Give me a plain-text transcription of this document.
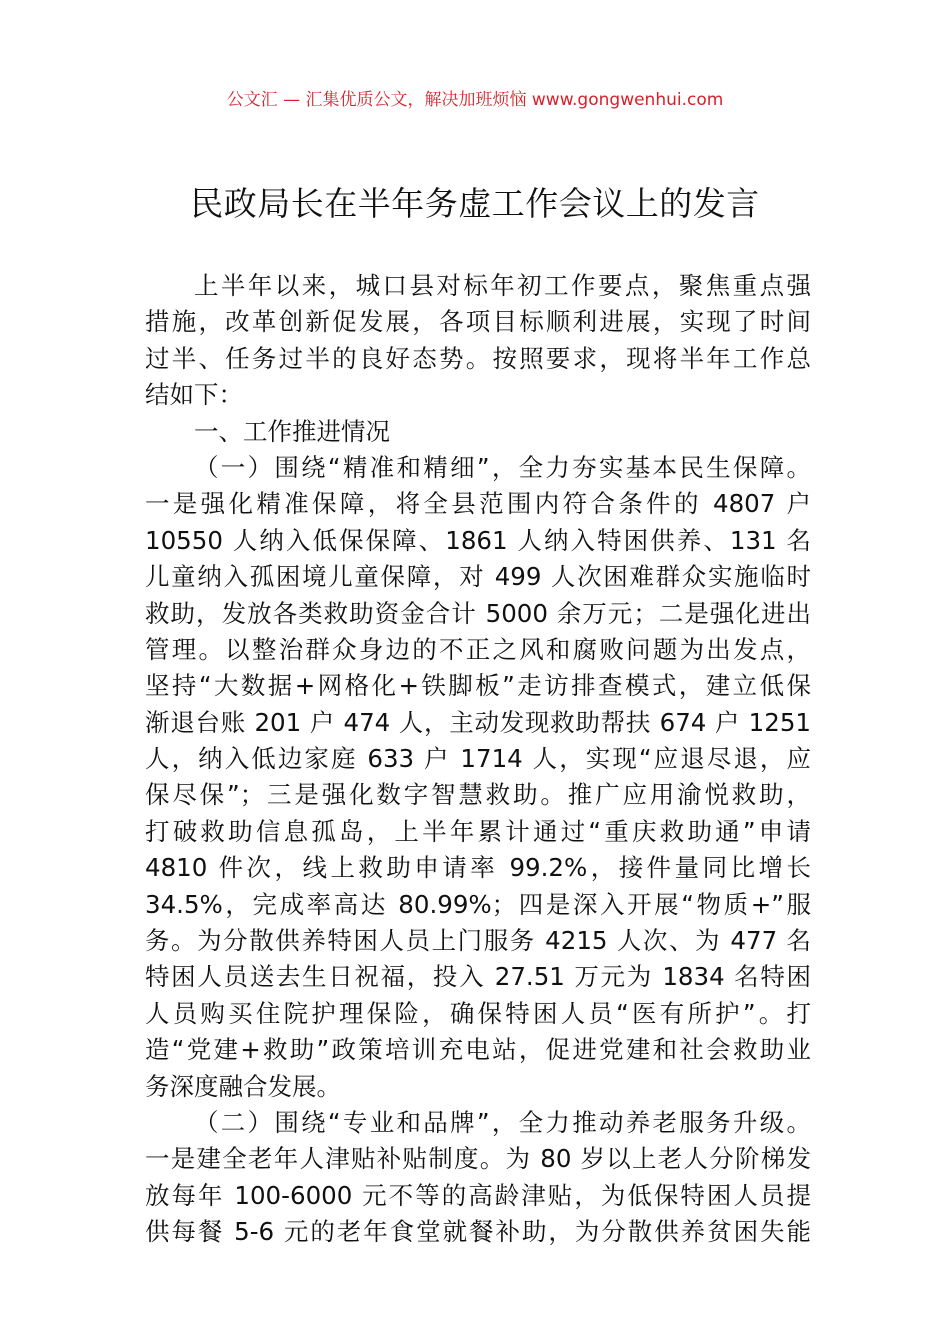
公文汇 — 汇集优质公文，解决加班烦恼 www.gongwenhui.com
民政局长在半年务虚工作会议上的发言
上半年以来，城口县对标年初工作要点，聚焦重点强
措施，改革创新促发展，各项目标顺利进展，实现了时间
过半、任务过半的良好态势。按照要求，现将半年工作总
结如下：
一、工作推进情况
（一）围绕“精准和精细”，全力夯实基本民生保障。
一是强化精准保障，将全县范围内符合条件的 4807 户
10550 人纳入低保保障、1861 人纳入特困供养、131 名
儿童纳入孤困境儿童保障，对 499 人次困难群众实施临时
救助，发放各类救助资金合计 5000 余万元；二是强化进出
管理。以整治群众身边的不正之风和腐败问题为出发点，
坚持“大数据+网格化+铁脚板”走访排查模式，建立低保
渐退台账 201 户 474 人，主动发现救助帮扶 674 户 1251
人，纳入低边家庭 633 户 1714 人，实现“应退尽退，应
保尽保”；三是强化数字智慧救助。推广应用渝悦救助，
打破救助信息孤岛，上半年累计通过“重庆救助通”申请
4810 件次，线上救助申请率 99.2%，接件量同比增长
34.5%，完成率高达 80.99%；四是深入开展“物质+”服
务。为分散供养特困人员上门服务 4215 人次、为 477 名
特困人员送去生日祝福，投入 27.51 万元为 1834 名特困
人员购买住院护理保险，确保特困人员“医有所护”。打
造“党建+救助”政策培训充电站，促进党建和社会救助业
务深度融合发展。
（二）围绕“专业和品牌”，全力推动养老服务升级。
一是建全老年人津贴补贴制度。为 80 岁以上老人分阶梯发
放每年 100-6000 元不等的高龄津贴，为低保特困人员提
供每餐 5-6 元的老年食堂就餐补助，为分散供养贫困失能
